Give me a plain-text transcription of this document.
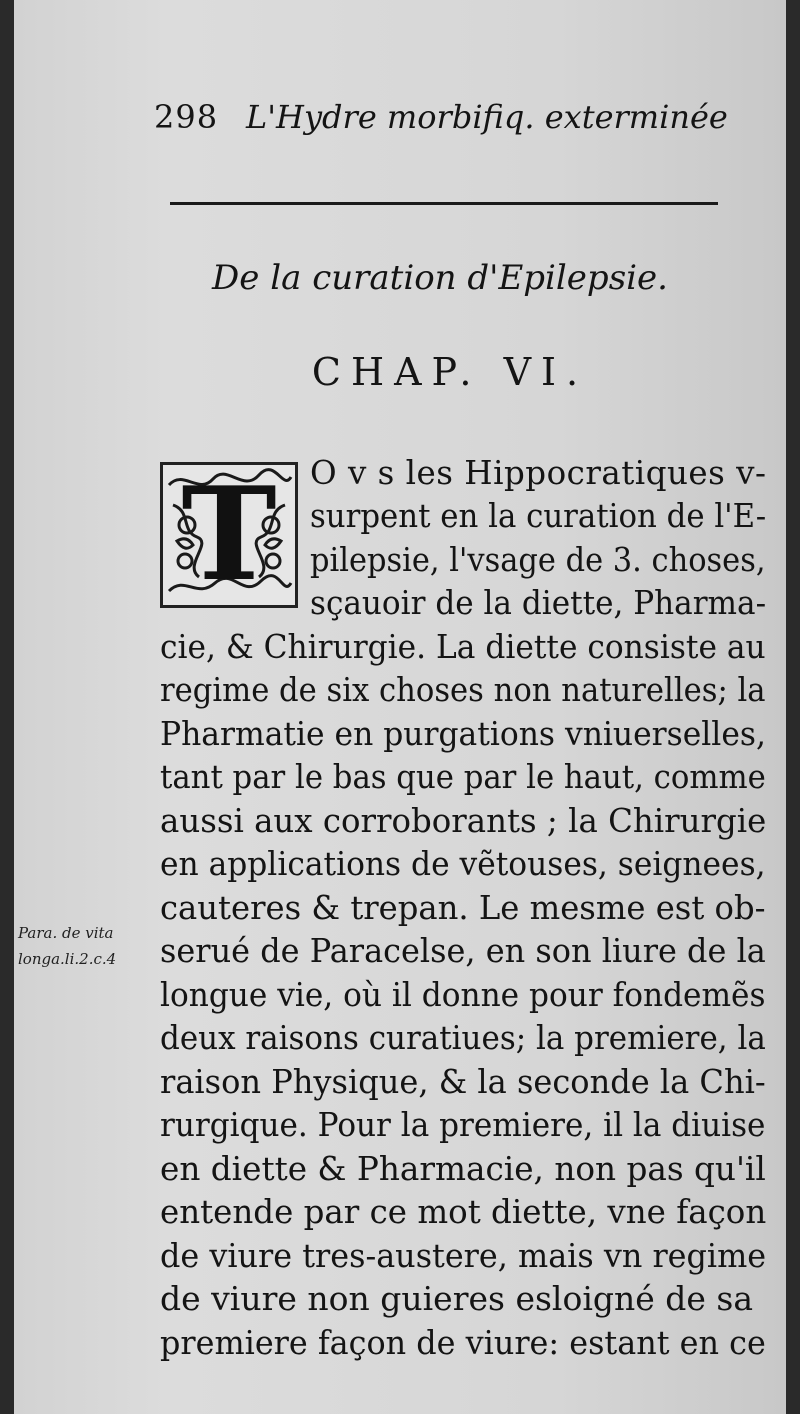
298 L'Hydre morbifiq. exterminée
De la curation d'Epilepsie.
CHAP. VI.
T	O v s les Hippocratiques v-
surpent en la curation de l'E-
pilepsie, l'vsage de 3. choses,
sçauoir de la diette, Pharma-
cie, & Chirurgie. La diette consiste au
regime de six choses non naturelles; la
Pharmatie en purgations vniuerselles,
tant par le bas que par le haut, comme
aussi aux corroborants ; la Chirurgie
en applications de vẽtouses, seignees,
cauteres & trepan. Le mesme est ob-
serué de Paracelse, en son liure de la
longue vie, où il donne pour fondemẽs
deux raisons curatiues; la premiere, la
raison Physique, & la seconde la Chi-
rurgique. Pour la premiere, il la diuise
en diette & Pharmacie, non pas qu'il
entende par ce mot diette, vne façon
de viure tres-austere, mais vn regime
de viure non guieres esloigné de sa
premiere façon de viure: estant en ce
Para. de vita
longa.li.2.c.4
